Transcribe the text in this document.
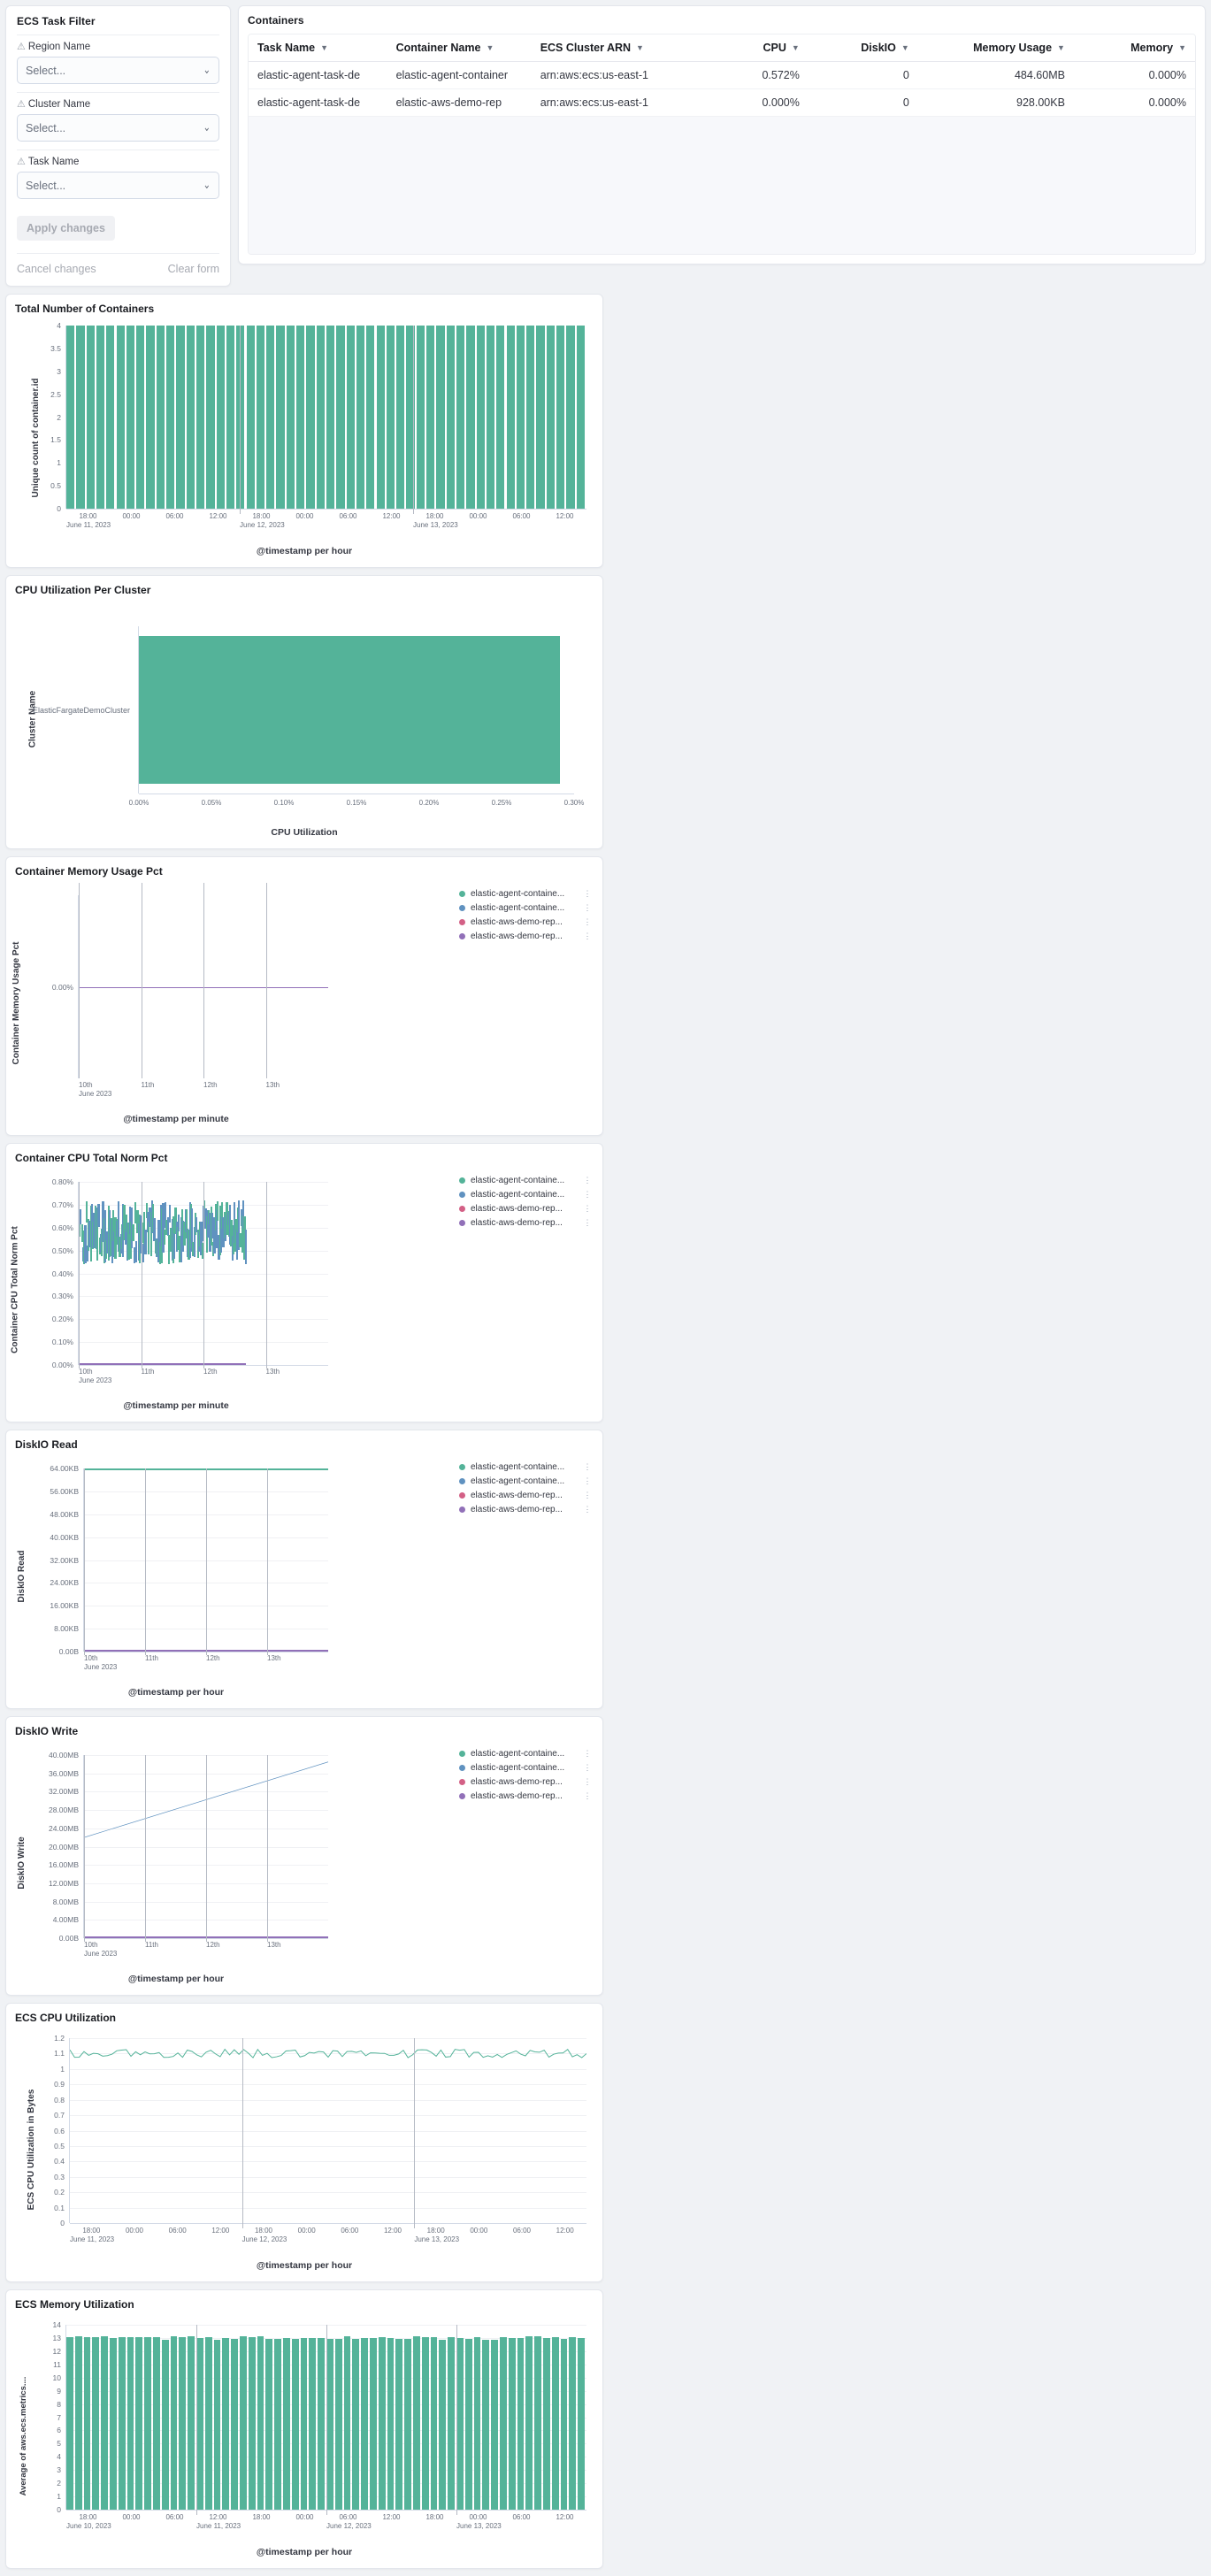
ECS Task Filter
⚠ Region Name
Select...	⌄
⚠ Cluster Name
Select...	⌄
⚠ Task Name
Select...	⌄
Apply changes
Cancel changes	Clear form
Containers
Task Name ▼	Container Name ▼	ECS Cluster ARN ▼	CPU ▼	DiskIO ▼	Memory Usage ▼	Memory ▼

elastic-agent-task-de	elastic-agent-container	arn:aws:ecs:us-east-1	0.572%	0	484.60MB	0.000%
elastic-agent-task-de	elastic-aws-demo-rep	arn:aws:ecs:us-east-1	0.000%	0	928.00KB	0.000%
Total Number of Containers
Unique count of container.id
0
0.5
1
1.5
2
2.5
3
3.5
4
18:00	00:00	06:00	12:00	18:00	00:00	06:00	12:00	18:00	00:00	06:00	12:00
June 11, 2023	June 12, 2023	June 13, 2023
@timestamp per hour
CPU Utilization Per Cluster
Cluster Name
ElasticFargateDemoCluster
0.00%	0.05%	0.10%	0.15%	0.20%	0.25%	0.30%
CPU Utilization
Container Memory Usage Pct
Container Memory Usage Pct	0.00%
10th	11th	12th	13th
June 2023
elastic-agent-containe...	⋮
elastic-agent-containe...	⋮
elastic-aws-demo-rep...	⋮
elastic-aws-demo-rep...	⋮
@timestamp per minute
Container CPU Total Norm Pct
Container CPU Total Norm Pct
0.00%
0.10%
0.20%
0.30%
0.40%
0.50%
0.60%
0.70%
0.80%
10th	11th	12th	13th
June 2023
elastic-agent-containe...	⋮
elastic-agent-containe...	⋮
elastic-aws-demo-rep...	⋮
elastic-aws-demo-rep...	⋮
@timestamp per minute
DiskIO Read
DiskIO Read
0.00B
8.00KB
16.00KB
24.00KB
32.00KB
40.00KB
48.00KB
56.00KB
64.00KB
10th	11th	12th	13th
June 2023
elastic-agent-containe...	⋮
elastic-agent-containe...	⋮
elastic-aws-demo-rep...	⋮
elastic-aws-demo-rep...	⋮
@timestamp per hour
DiskIO Write
DiskIO Write
0.00B
4.00MB
8.00MB
12.00MB
16.00MB
20.00MB
24.00MB
28.00MB
32.00MB
36.00MB
40.00MB
10th	11th	12th	13th
June 2023
elastic-agent-containe...	⋮
elastic-agent-containe...	⋮
elastic-aws-demo-rep...	⋮
elastic-aws-demo-rep...	⋮
@timestamp per hour
ECS CPU Utilization
ECS CPU Utilization in Bytes
0
0.1
0.2
0.3
0.4
0.5
0.6
0.7
0.8
0.9
1
1.1
1.2
18:00	00:00	06:00	12:00	18:00	00:00	06:00	12:00	18:00	00:00	06:00	12:00
June 11, 2023	June 12, 2023	June 13, 2023
@timestamp per hour
ECS Memory Utilization
Average of aws.ecs.metrics....
0
1
2
3
4
5
6
7
8
9
10
11
12
13
14
18:00	00:00	06:00	12:00	18:00	00:00	06:00	12:00	18:00	00:00	06:00	12:00
June 10, 2023	June 11, 2023	June 12, 2023	June 13, 2023
@timestamp per hour
